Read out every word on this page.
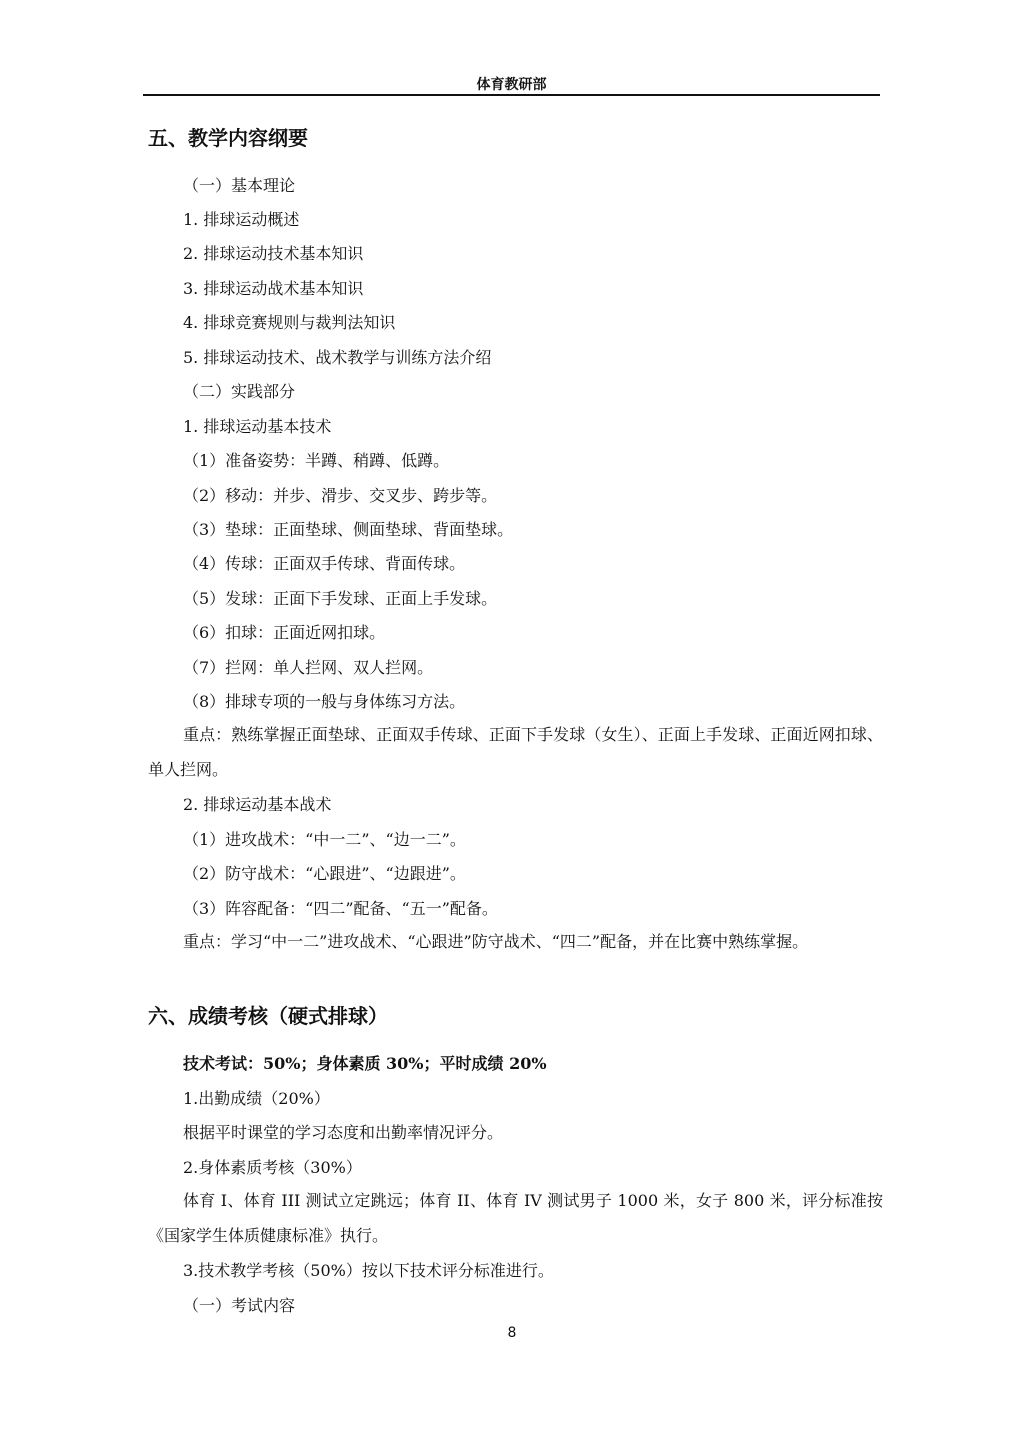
体育教研部
五、教学内容纲要
（一）基本理论
1. 排球运动概述
2. 排球运动技术基本知识
3. 排球运动战术基本知识
4. 排球竞赛规则与裁判法知识
5. 排球运动技术、战术教学与训练方法介绍
（二）实践部分
1. 排球运动基本技术
（1）准备姿势：半蹲、稍蹲、低蹲。
（2）移动：并步、滑步、交叉步、跨步等。
（3）垫球：正面垫球、侧面垫球、背面垫球。
（4）传球：正面双手传球、背面传球。
（5）发球：正面下手发球、正面上手发球。
（6）扣球：正面近网扣球。
（7）拦网：单人拦网、双人拦网。
（8）排球专项的一般与身体练习方法。
重点：熟练掌握正面垫球、正面双手传球、正面下手发球（女生）、正面上手发球、正面近网扣球、单人拦网。
2. 排球运动基本战术
（1）进攻战术：“中一二”、“边一二”。
（2）防守战术：“心跟进”、“边跟进”。
（3）阵容配备：“四二”配备、“五一”配备。
重点：学习“中一二”进攻战术、“心跟进”防守战术、“四二”配备，并在比赛中熟练掌握。
六、成绩考核（硬式排球）
技术考试：50%；身体素质 30%；平时成绩 20%
1.出勤成绩（20%）
根据平时课堂的学习态度和出勤率情况评分。
2.身体素质考核（30%）
体育 I、体育 III 测试立定跳远；体育 II、体育 IV 测试男子 1000 米，女子 800 米，评分标准按《国家学生体质健康标准》执行。
3.技术教学考核（50%）按以下技术评分标准进行。
（一）考试内容
8
